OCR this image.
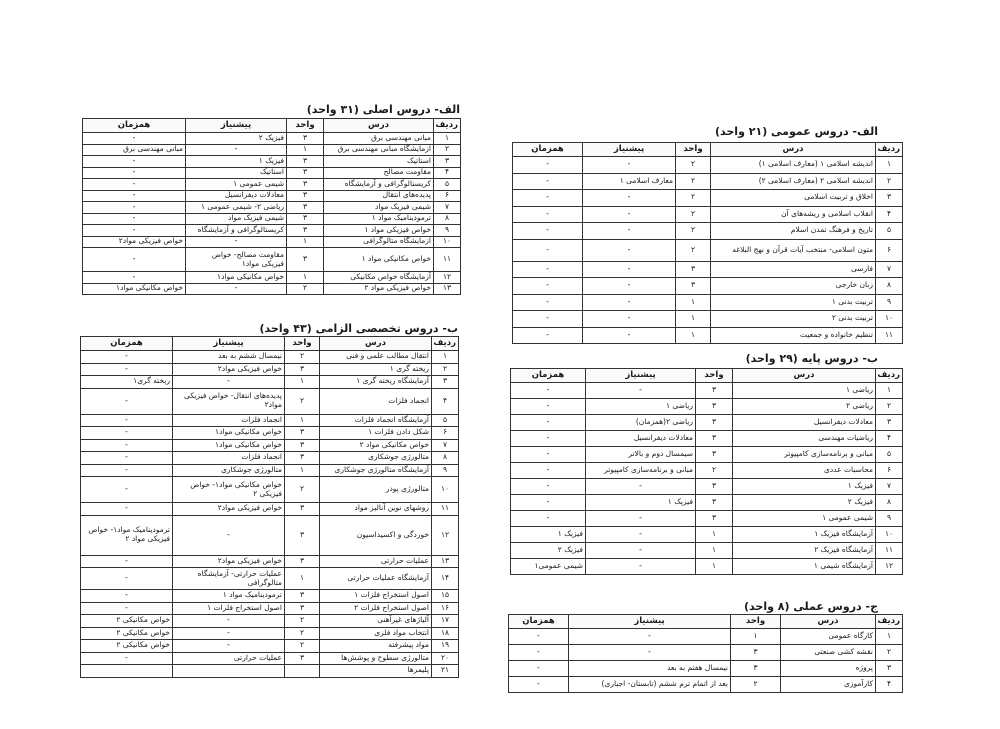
الف- دروس عمومی (۲۱ واحد)
ردیف	درس	واحد	پیشنیاز	همزمان
۱	اندیشه اسلامی ۱ (معارف اسلامی ۱)	۲	-	-
۲	اندیشه اسلامی ۲ (معارف اسلامی ۲)	۲	معارف اسلامی ۱	-
۳	اخلاق و تربیت اسلامی	۲	-	-
۴	انقلاب اسلامی و ریشه‌های آن	۲	-	-
۵	تاریخ و فرهنگ تمدن اسلام	۲	-	-
۶	متون اسلامی- منتخب آیات قرآن و نهج البلاغه	۲	-	-
۷	فارسی	۳	-	-
۸	زبان خارجی	۳	-	-
۹	تربیت بدنی ۱	۱	-	-
۱۰	تربیت بدنی ۲	۱	-	-
۱۱	تنظیم خانواده و جمعیت	۱	-	-
ب- دروس پایه (۲۹ واحد)
ردیف	درس	واحد	پیشنیاز	همزمان
۱	ریاضی ۱	۳	-	-
۲	ریاضی ۲	۳	ریاضی ۱	-
۳	معادلات دیفرانسیل	۳	ریاضی ۲(همزمان)	-
۴	ریاضیات مهندسی	۳	معادلات دیفرانسیل	-
۵	مبانی و برنامه‌سازی کامپیوتر	۳	سیمسال دوم و بالاتر	-
۶	محاسبات عددی	۲	مبانی و برنامه‌سازی کامپیوتر	-
۷	فیزیک ۱	۳	-	-
۸	فیزیک ۲	۳	فیزیک ۱	-
۹	شیمی عمومی ۱	۳	-	-
۱۰	آزمایشگاه فیزیک ۱	۱	-	فیزیک ۱
۱۱	آزمایشگاه فیزیک ۲	۱	-	فیزیک ۲
۱۲	آزمایشگاه شیمی ۱	۱	-	شیمی عمومی۱
ج- دروس عملی (۸ واحد)
ردیف	درس	واحد	پیشنیاز	همزمان
۱	کارگاه عمومی	۱	-	-
۲	نقشه کشی صنعتی	۳	-	-
۳	پروژه	۳	نیمسال هفتم به بعد	-
۴	کارآموزی	۲	بعد از اتمام ترم ششم (تابستان- اجباری)	-
الف- دروس اصلی (۳۱ واحد)
ردیف	درس	واحد	پیشنیاز	همزمان
۱	مبانی مهندسی برق	۳	فیزیک ۲	-
۲	آزمایشگاه مبانی مهندسی برق	۱	-	مبانی مهندسی برق
۳	استاتیک	۳	فیزیک ۱	-
۴	مقاومت مصالح	۳	استاتیک	-
۵	کریستالوگرافی و آزمایشگاه	۳	شیمی عمومی ۱	-
۶	پدیده‌های انتقال	۳	معادلات دیفرانسیل	-
۷	شیمی فیزیک مواد	۳	ریاضی ۲- شیمی عمومی ۱	-
۸	ترمودینامیک مواد ۱	۳	شیمی فیزیک مواد	-
۹	خواص فیزیکی مواد ۱	۳	کریستالوگرافی و آزمایشگاه	-
۱۰	آزمایشگاه متالوگرافی	۱	-	خواص فیزیکی مواد۲
۱۱	خواص مکانیکی مواد ۱	۳	مقاومت مصالح- خواص فیزیکی مواد۱	-
۱۲	آزمایشگاه خواص مکانیکی	۱	خواص مکانیکی مواد۱	-
۱۳	خواص فیزیکی مواد ۲	۲	-	خواص مکانیکی مواد۱
ب- دروس تخصصی الزامی (۴۳ واحد)
ردیف	درس	واحد	پیشنیاز	همزمان
۱	انتقال مطالب علمی و فنی	۲	نیمسال ششم به بعد	-
۲	ریخته گری ۱	۳	خواص فیزیکی مواد۲	-
۳	آزمایشگاه ریخته گری ۱	۱	-	ریخته گری۱
۴	انجماد فلزات	۲	پدیده‌های انتقال- خواص فیزیکی مواد۲	-
۵	آزمایشگاه انجماد فلزات	۱	انجماد فلزات	-
۶	شکل دادن فلزات ۱	۳	خواص مکانیکی مواد۱	-
۷	خواص مکانیکی مواد ۲	۳	خواص مکانیکی مواد۱	-
۸	متالورژی جوشکاری	۳	انجماد فلزات	-
۹	آزمایشگاه متالورژی جوشکاری	۱	متالورژی جوشکاری	-
۱۰	متالورژی پودر	۲	خواص مکانیکی مواد۱- خواص فیزیکی ۲	-
۱۱	روشهای نوین آنالیز مواد	۳	خواص فیزیکی مواد۲	-
۱۲	خوردگی و اکسیداسیون	۳	-	ترمودینامیک مواد۱- خواص فیزیکی مواد ۲
۱۳	عملیات حرارتی	۳	خواص فیزیکی مواد۲	-
۱۴	آزمایشگاه عملیات حرارتی	۱	عملیات حرارتی- آزمایشگاه متالوگرافی	-
۱۵	اصول استخراج فلزات ۱	۳	ترمودینامیک مواد ۱	-
۱۶	اصول استخراج فلزات ۲	۳	اصول استخراج فلزات ۱	-
۱۷	آلیاژهای غیرآهنی	۲	-	خواص مکانیکی ۲
۱۸	انتخاب مواد فلزی	۲	-	خواص مکانیکی ۲
۱۹	مواد پیشرفته	۲	-	خواص مکانیکی ۲
۲۰	متالورژی سطوح و پوشش‌ها	۳	عملیات حرارتی	-
۲۱	پلیمرها			
